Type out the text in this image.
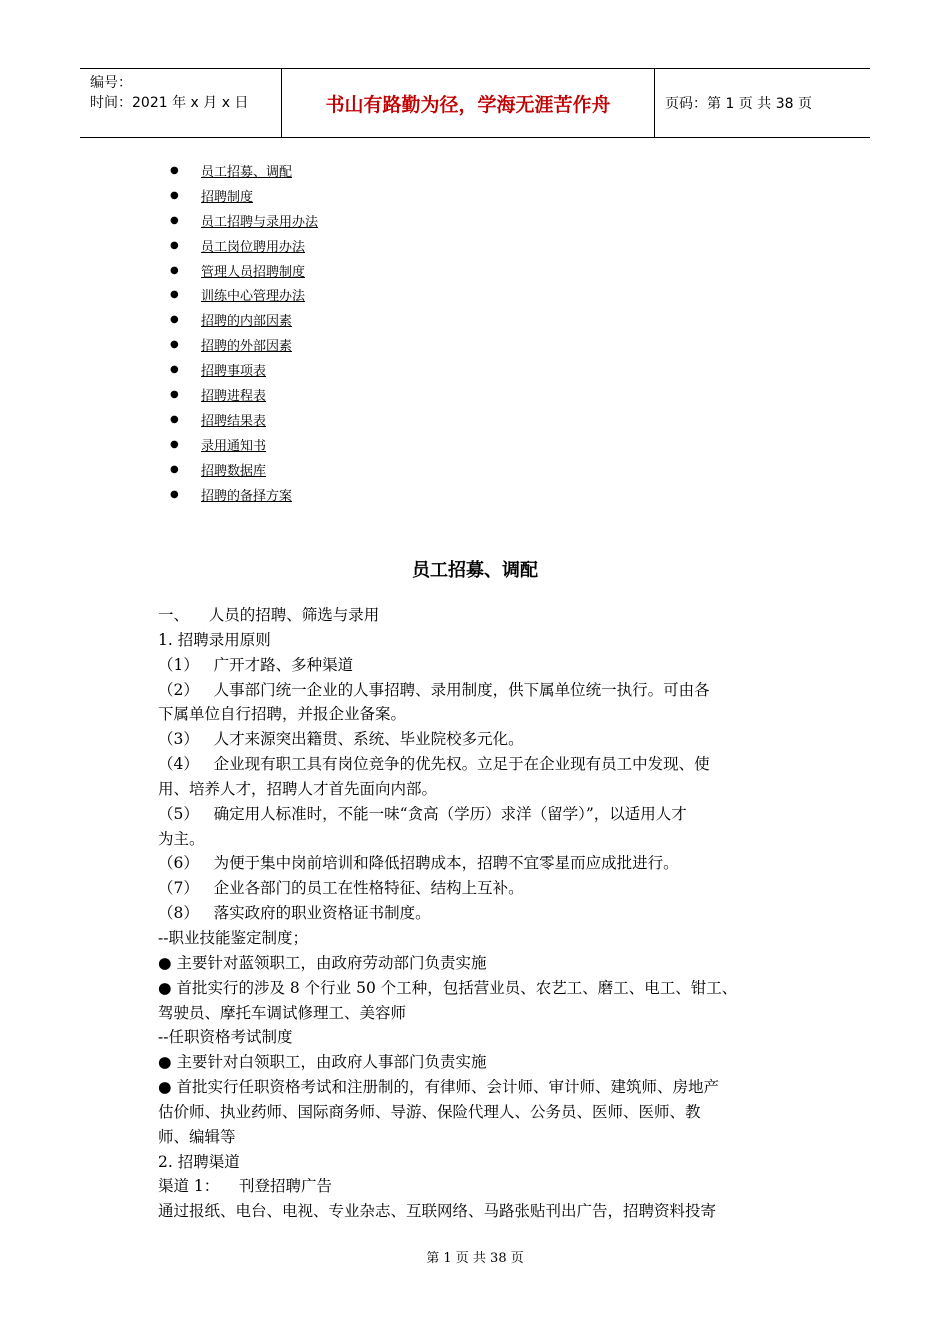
编号：
时间：2021 年 x 月 x 日	书山有路勤为径，学海无涯苦作舟	页码：第 1 页 共 38 页
●	员工招募、调配
●	招聘制度
●	员工招聘与录用办法
●	员工岗位聘用办法
●	管理人员招聘制度
●	训练中心管理办法
●	招聘的内部因素
●	招聘的外部因素
●	招聘事项表
●	招聘进程表
●	招聘结果表
●	录用通知书
●	招聘数据库
●	招聘的备择方案
员工招募、调配

一、    人员的招聘、筛选与录用

1. 招聘录用原则

（1）   广开才路、多种渠道

（2）   人事部门统一企业的人事招聘、录用制度，供下属单位统一执行。可由各

下属单位自行招聘，并报企业备案。

（3）   人才来源突出籍贯、系统、毕业院校多元化。

（4）   企业现有职工具有岗位竞争的优先权。立足于在企业现有员工中发现、使

用、培养人才，招聘人才首先面向内部。

（5）   确定用人标准时，不能一味“贪高（学历）求洋（留学）”，以适用人才

为主。

（6）   为便于集中岗前培训和降低招聘成本，招聘不宜零星而应成批进行。

（7）   企业各部门的员工在性格特征、结构上互补。

（8）   落实政府的职业资格证书制度。

--职业技能鉴定制度；

● 主要针对蓝领职工，由政府劳动部门负责实施

● 首批实行的涉及 8 个行业 50 个工种，包括营业员、农艺工、磨工、电工、钳工、

驾驶员、摩托车调试修理工、美容师

--任职资格考试制度

● 主要针对白领职工，由政府人事部门负责实施

● 首批实行任职资格考试和注册制的，有律师、会计师、审计师、建筑师、房地产

估价师、执业药师、国际商务师、导游、保险代理人、公务员、医师、医师、教

师、编辑等

2. 招聘渠道

渠道 1：    刊登招聘广告

通过报纸、电台、电视、专业杂志、互联网络、马路张贴刊出广告，招聘资料投寄

第 1 页 共 38 页
